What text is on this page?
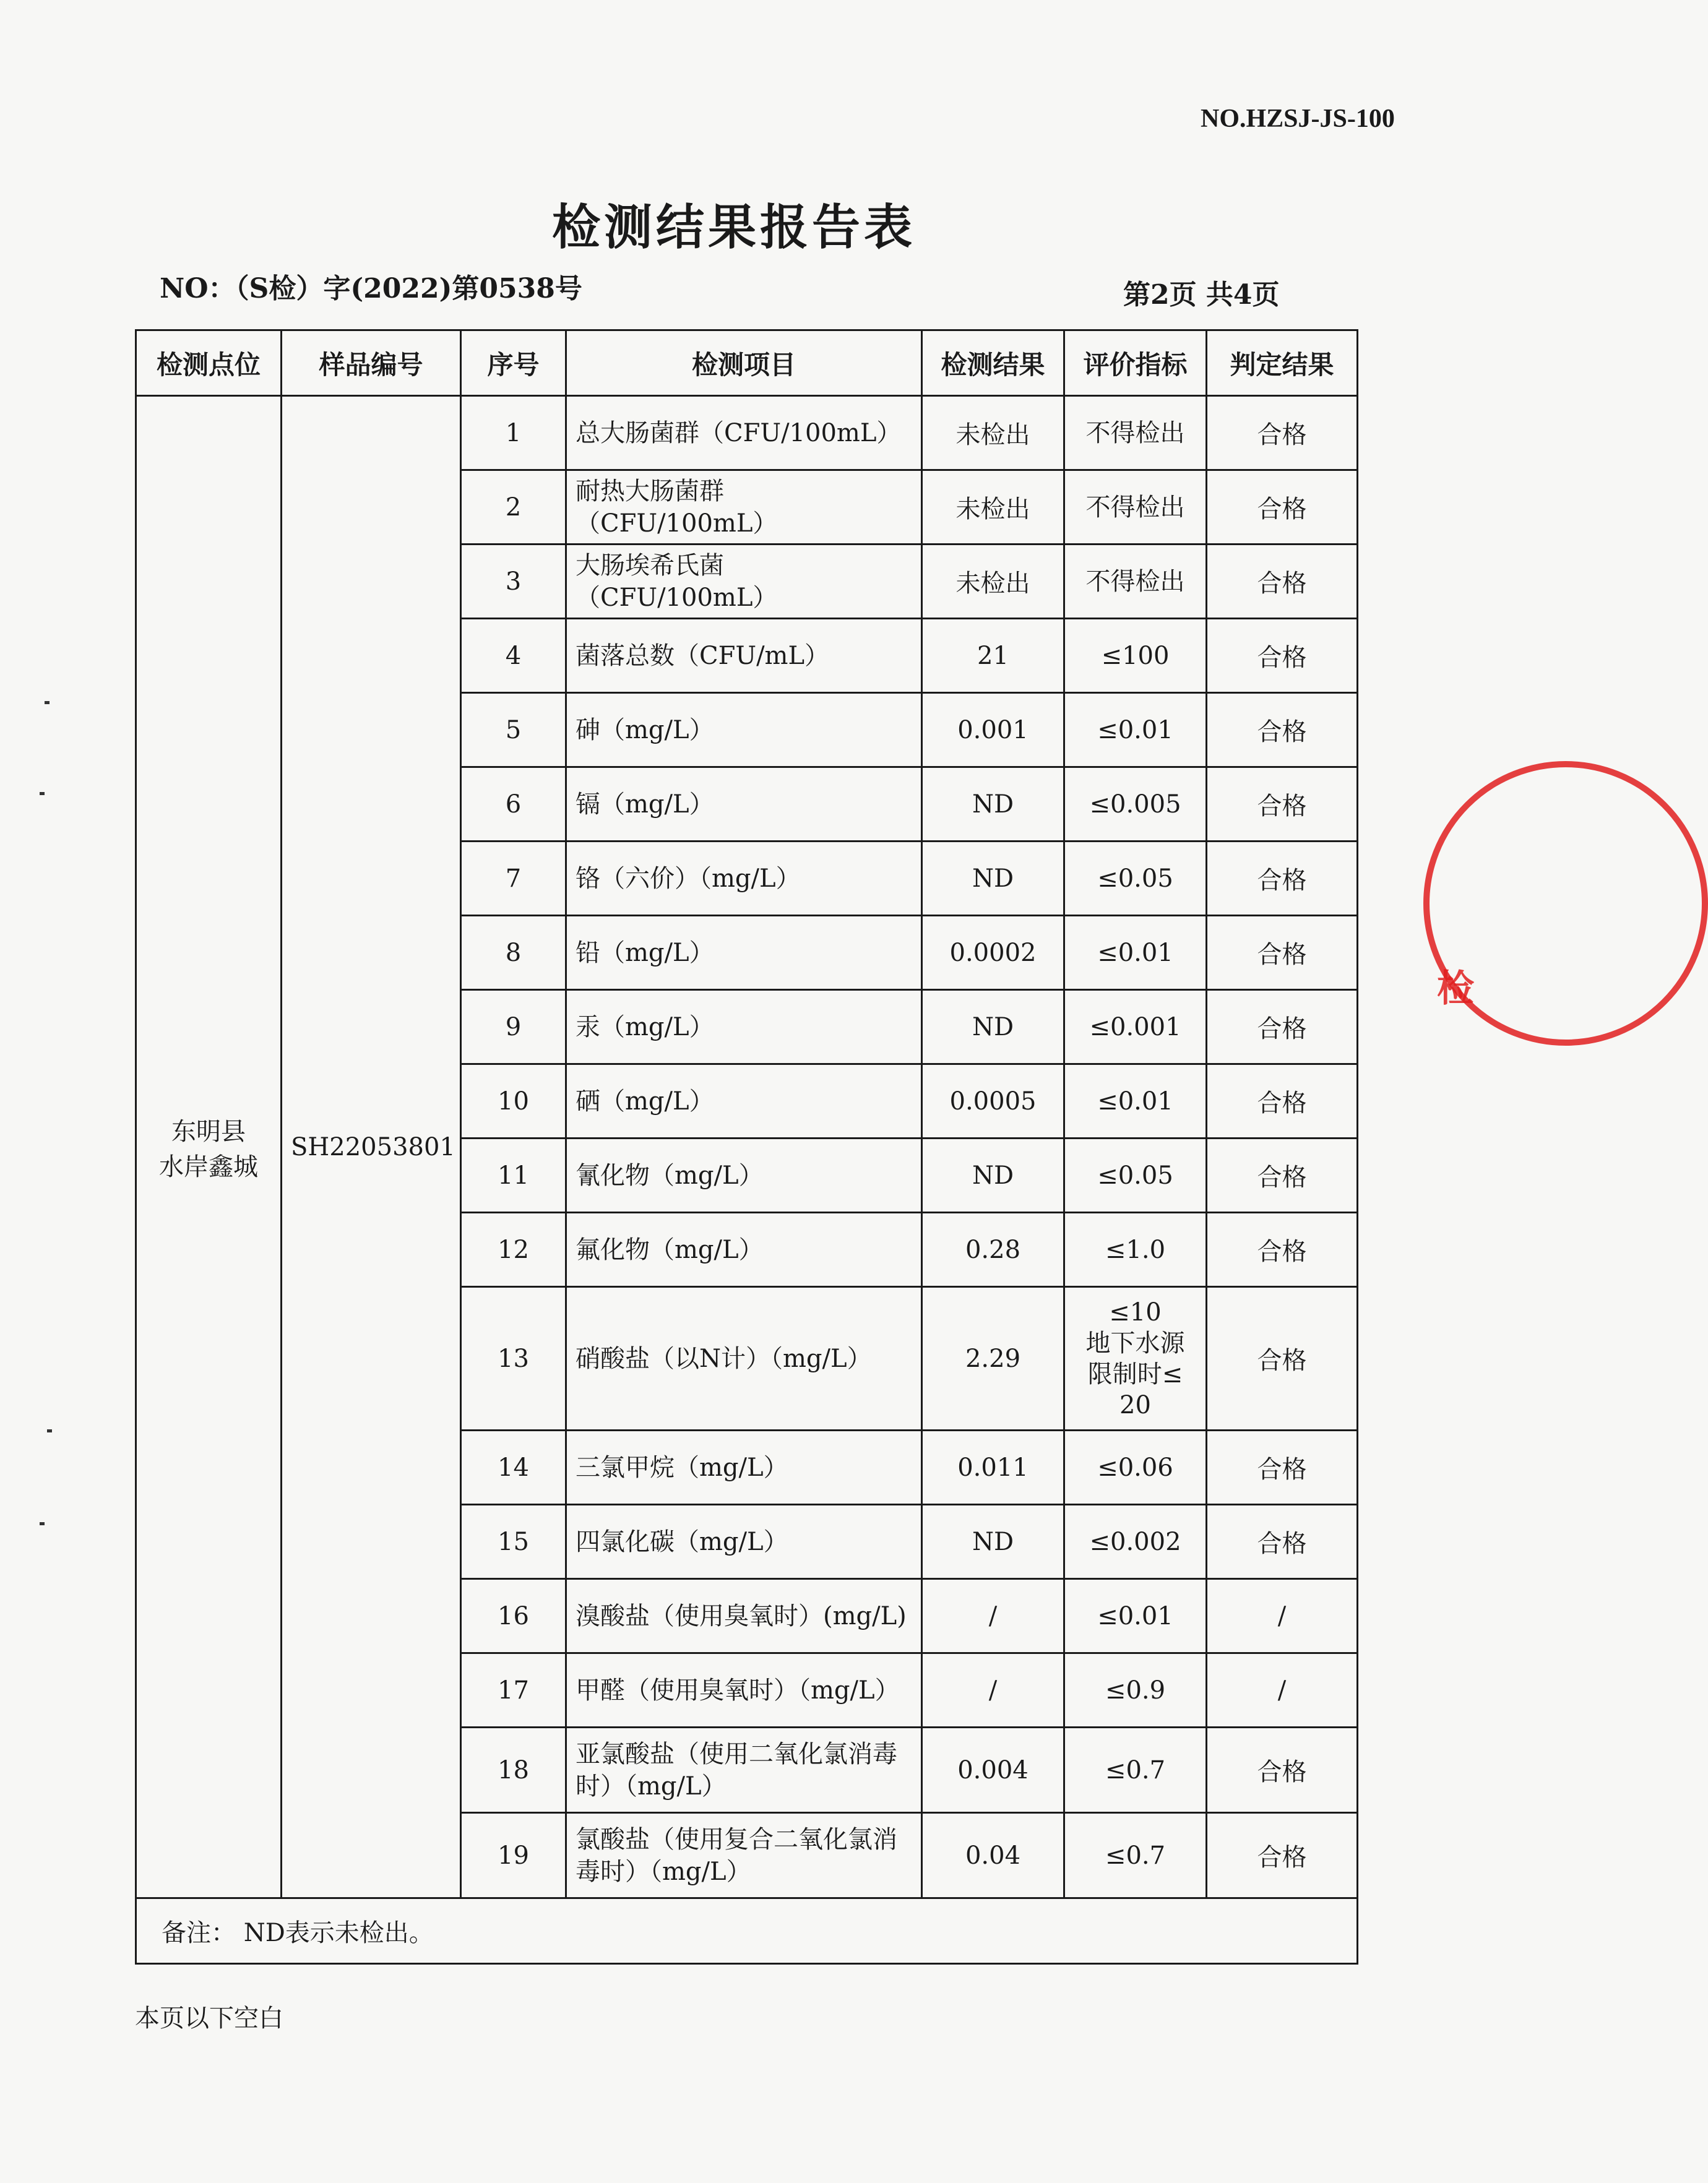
NO.HZSJ-JS-100
检测结果报告表
NO：（S检）字(2022)第0538号	第2页 共4页
检测点位	样品编号	序号	检测项目	检测结果	评价指标	判定结果
东明县
水岸鑫城	SH22053801	1	总大肠菌群（CFU/100mL）	未检出	不得检出	合格
		2	耐热大肠菌群（CFU/100mL）	未检出	不得检出	合格
		3	大肠埃希氏菌（CFU/100mL）	未检出	不得检出	合格
		4	菌落总数（CFU/mL）	21	≤100	合格
		5	砷（mg/L）	0.001	≤0.01	合格
		6	镉（mg/L）	ND	≤0.005	合格
		7	铬（六价）（mg/L）	ND	≤0.05	合格
		8	铅（mg/L）	0.0002	≤0.01	合格
		9	汞（mg/L）	ND	≤0.001	合格
		10	硒（mg/L）	0.0005	≤0.01	合格
		11	氰化物（mg/L）	ND	≤0.05	合格
		12	氟化物（mg/L）	0.28	≤1.0	合格
		13	硝酸盐（以N计）（mg/L）	2.29	≤10
地下水源
限制时≤
20	合格
		14	三氯甲烷（mg/L）	0.011	≤0.06	合格
		15	四氯化碳（mg/L）	ND	≤0.002	合格
		16	溴酸盐（使用臭氧时）(mg/L)	/	≤0.01	/
		17	甲醛（使用臭氧时）（mg/L）	/	≤0.9	/
		18	亚氯酸盐（使用二氧化氯消毒时）（mg/L）	0.004	≤0.7	合格
		19	氯酸盐（使用复合二氧化氯消毒时）（mg/L）	0.04	≤0.7	合格
备注： ND表示未检出。						
本页以下空白
检
